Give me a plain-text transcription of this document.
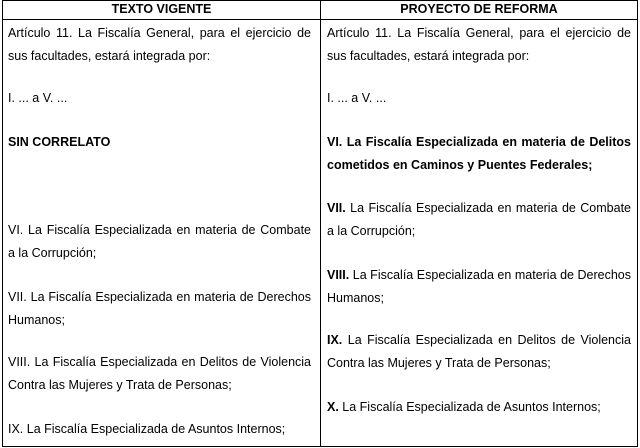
TEXTO VIGENTE	PROYECTO DE REFORMA

Artículo 11. La Fiscalía General, para el ejercicio de sus facultades, estará integrada por:

I. ... a V. ...

SIN CORRELATO

VI. La Fiscalía Especializada en materia de Combate a la Corrupción;

VII. La Fiscalía Especializada en materia de Derechos Humanos;

VIII. La Fiscalía Especializada en Delitos de Violencia Contra las Mujeres y Trata de Personas;

IX. La Fiscalía Especializada de Asuntos Internos;

Artículo 11. La Fiscalía General, para el ejercicio de sus facultades, estará integrada por:

I. ... a V. ...

VI. La Fiscalía Especializada en materia de Delitos cometidos en Caminos y Puentes Federales;

VII. La Fiscalía Especializada en materia de Combate a la Corrupción;

VIII. La Fiscalía Especializada en materia de Derechos Humanos;

IX. La Fiscalía Especializada en Delitos de Violencia Contra las Mujeres y Trata de Personas;

X. La Fiscalía Especializada de Asuntos Internos;
